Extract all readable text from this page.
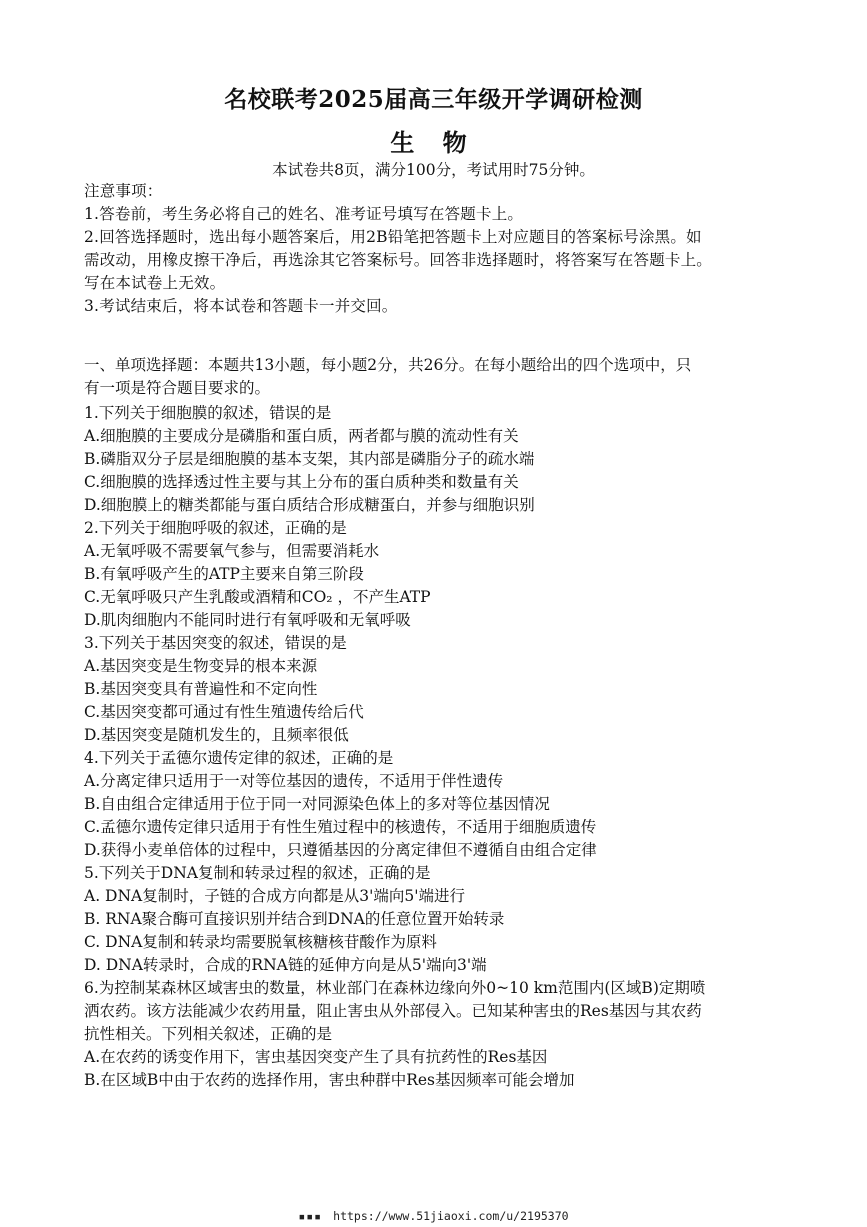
名校联考2025届高三年级开学调研检测
生 物
本试卷共8页，满分100分，考试用时75分钟。
注意事项：
1.答卷前，考生务必将自己的姓名、准考证号填写在答题卡上。
2.回答选择题时，选出每小题答案后，用2B铅笔把答题卡上对应题目的答案标号涂黑。如
需改动，用橡皮擦干净后，再选涂其它答案标号。回答非选择题时，将答案写在答题卡上。
写在本试卷上无效。
3.考试结束后，将本试卷和答题卡一并交回。
一、单项选择题：本题共13小题，每小题2分，共26分。在每小题给出的四个选项中，只
有一项是符合题目要求的。
1.下列关于细胞膜的叙述，错误的是
A.细胞膜的主要成分是磷脂和蛋白质，两者都与膜的流动性有关
B.磷脂双分子层是细胞膜的基本支架，其内部是磷脂分子的疏水端
C.细胞膜的选择透过性主要与其上分布的蛋白质种类和数量有关
D.细胞膜上的糖类都能与蛋白质结合形成糖蛋白，并参与细胞识别
2.下列关于细胞呼吸的叙述，正确的是
A.无氧呼吸不需要氧气参与，但需要消耗水
B.有氧呼吸产生的ATP主要来自第三阶段
C.无氧呼吸只产生乳酸或酒精和CO₂ ，不产生ATP
D.肌肉细胞内不能同时进行有氧呼吸和无氧呼吸
3.下列关于基因突变的叙述，错误的是
A.基因突变是生物变异的根本来源
B.基因突变具有普遍性和不定向性
C.基因突变都可通过有性生殖遗传给后代
D.基因突变是随机发生的，且频率很低
4.下列关于孟德尔遗传定律的叙述，正确的是
A.分离定律只适用于一对等位基因的遗传，不适用于伴性遗传
B.自由组合定律适用于位于同一对同源染色体上的多对等位基因情况
C.孟德尔遗传定律只适用于有性生殖过程中的核遗传，不适用于细胞质遗传
D.获得小麦单倍体的过程中，只遵循基因的分离定律但不遵循自由组合定律
5.下列关于DNA复制和转录过程的叙述，正确的是
A. DNA复制时，子链的合成方向都是从3'端向5'端进行
B. RNA聚合酶可直接识别并结合到DNA的任意位置开始转录
C. DNA复制和转录均需要脱氧核糖核苷酸作为原料
D. DNA转录时，合成的RNA链的延伸方向是从5'端向3'端
6.为控制某森林区域害虫的数量，林业部门在森林边缘向外0~10 km范围内(区域B)定期喷
洒农药。该方法能减少农药用量，阻止害虫从外部侵入。已知某种害虫的Res基因与其农药
抗性相关。下列相关叙述，正确的是
A.在农药的诱变作用下，害虫基因突变产生了具有抗药性的Res基因
B.在区域B中由于农药的选择作用，害虫种群中Res基因频率可能会增加
▪▪▪ https://www.51jiaoxi.com/u/2195370
